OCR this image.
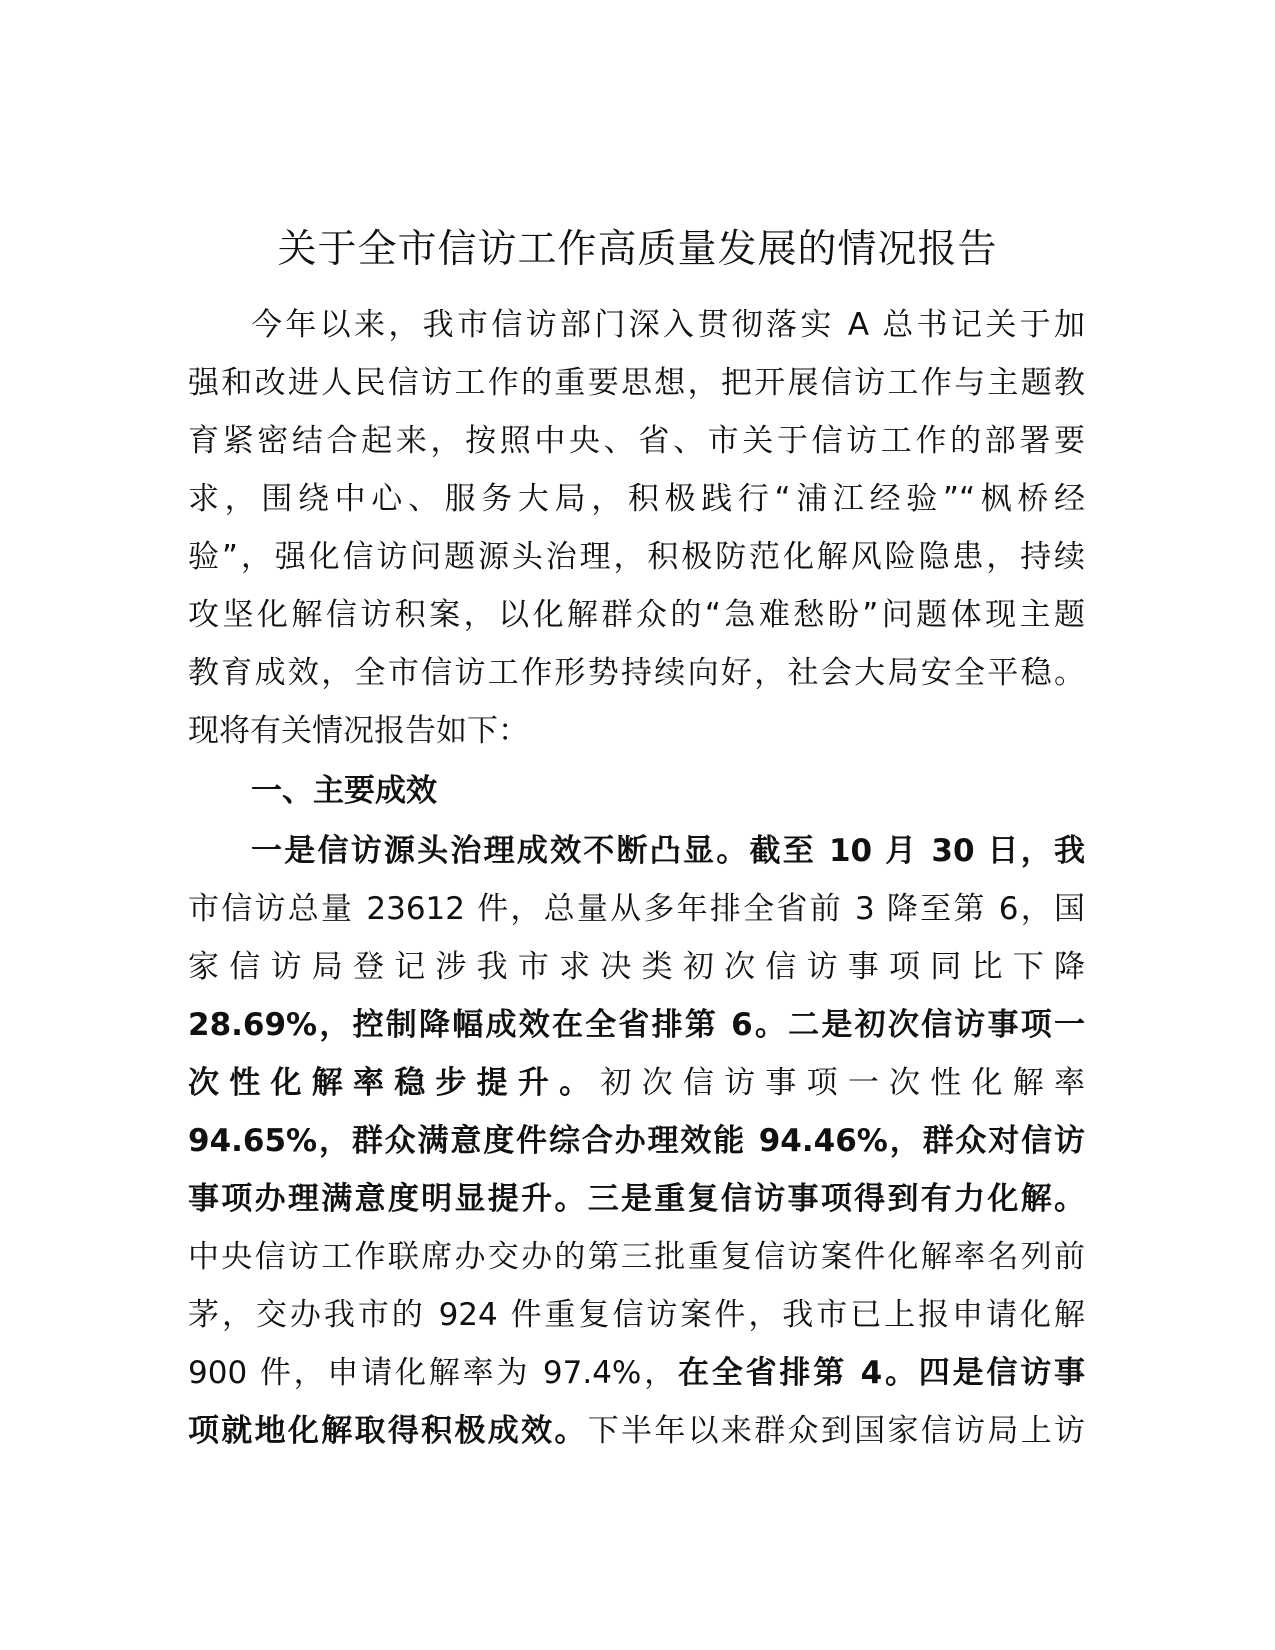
关于全市信访工作高质量发展的情况报告
今年以来，我市信访部门深入贯彻落实 A 总书记关于加
强和改进人民信访工作的重要思想，把开展信访工作与主题教
育紧密结合起来，按照中央、省、市关于信访工作的部署要
求，围绕中心、服务大局，积极践行“浦江经验”“枫桥经
验”，强化信访问题源头治理，积极防范化解风险隐患，持续
攻坚化解信访积案，以化解群众的“急难愁盼”问题体现主题
教育成效，全市信访工作形势持续向好，社会大局安全平稳。
现将有关情况报告如下：
一、主要成效
一是信访源头治理成效不断凸显。截至 10 月 30 日，我
市信访总量 23612 件，总量从多年排全省前 3 降至第 6，国
家信访局登记涉我市求决类初次信访事项同比下降
28.69%，控制降幅成效在全省排第 6。二是初次信访事项一
次性化解率稳步提升。初次信访事项一次性化解率
94.65%，群众满意度件综合办理效能 94.46%，群众对信访
事项办理满意度明显提升。三是重复信访事项得到有力化解。
中央信访工作联席办交办的第三批重复信访案件化解率名列前
茅，交办我市的 924 件重复信访案件，我市已上报申请化解
900 件，申请化解率为 97.4%，在全省排第 4。四是信访事
项就地化解取得积极成效。下半年以来群众到国家信访局上访
